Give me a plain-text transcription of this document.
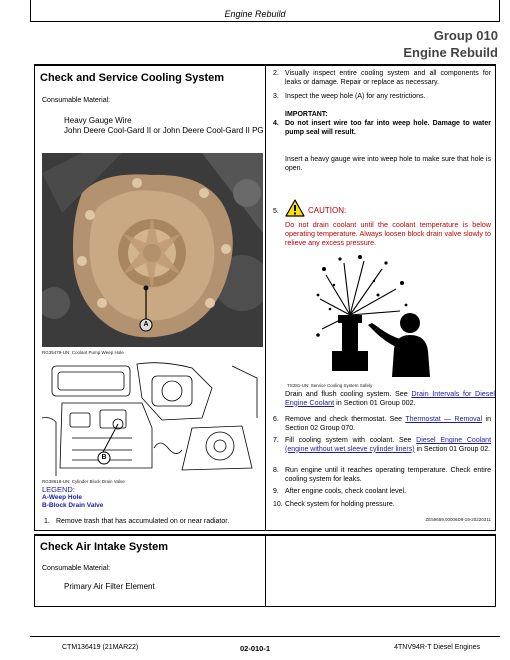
Engine Rebuild
Group 010
Engine Rebuild
Check and Service Cooling System
Consumable Material:
Heavy Gauge Wire
John Deere Cool-Gard II or John Deere Cool-Gard II PG
A
RG35479-UN: Coolant Pump Weep Hole
B
RG38618-UN: Cylinder Block Drain Valve
LEGEND:
A-Weep Hole
B-Block Drain Valve
1. Remove trash that has accumulated on or near radiator.
2. Visually inspect entire cooling system and all components for leaks or damage. Repair or replace as necessary.
3. Inspect the weep hole (A) for any restrictions.
IMPORTANT:
4. Do not insert wire too far into weep hole. Damage to water pump seal will result.
Insert a heavy gauge wire into weep hole to make sure that hole is open.
5.	CAUTION:
Do not drain coolant until the coolant temperature is below operating temperature. Always loosen block drain valve slowly to relieve any excess pressure.
TS281-UN: Service Cooling System Safely
Drain and flush cooling system. See Drain Intervals for Diesel Engine Coolant in Section 01 Group 002.
6. Remove and check thermostat. See Thermostat — Removal in Section 02 Group 070.
7. Fill cooling system with coolant. See Diesel Engine Coolant (engine without wet sleeve cylinder liners) in Section 01 Group 02.
8. Run engine until it reaches operating temperature. Check entire cooling system for leaks.
9. After engine cools, check coolant level.
10. Check system for holding pressure.
ZE59659,00006D9-19-20220311
Check Air Intake System
Consumable Material:
Primary Air Filter Element
CTM136419 (21MAR22)	02-010-1	4TNV94R-T Diesel Engines
